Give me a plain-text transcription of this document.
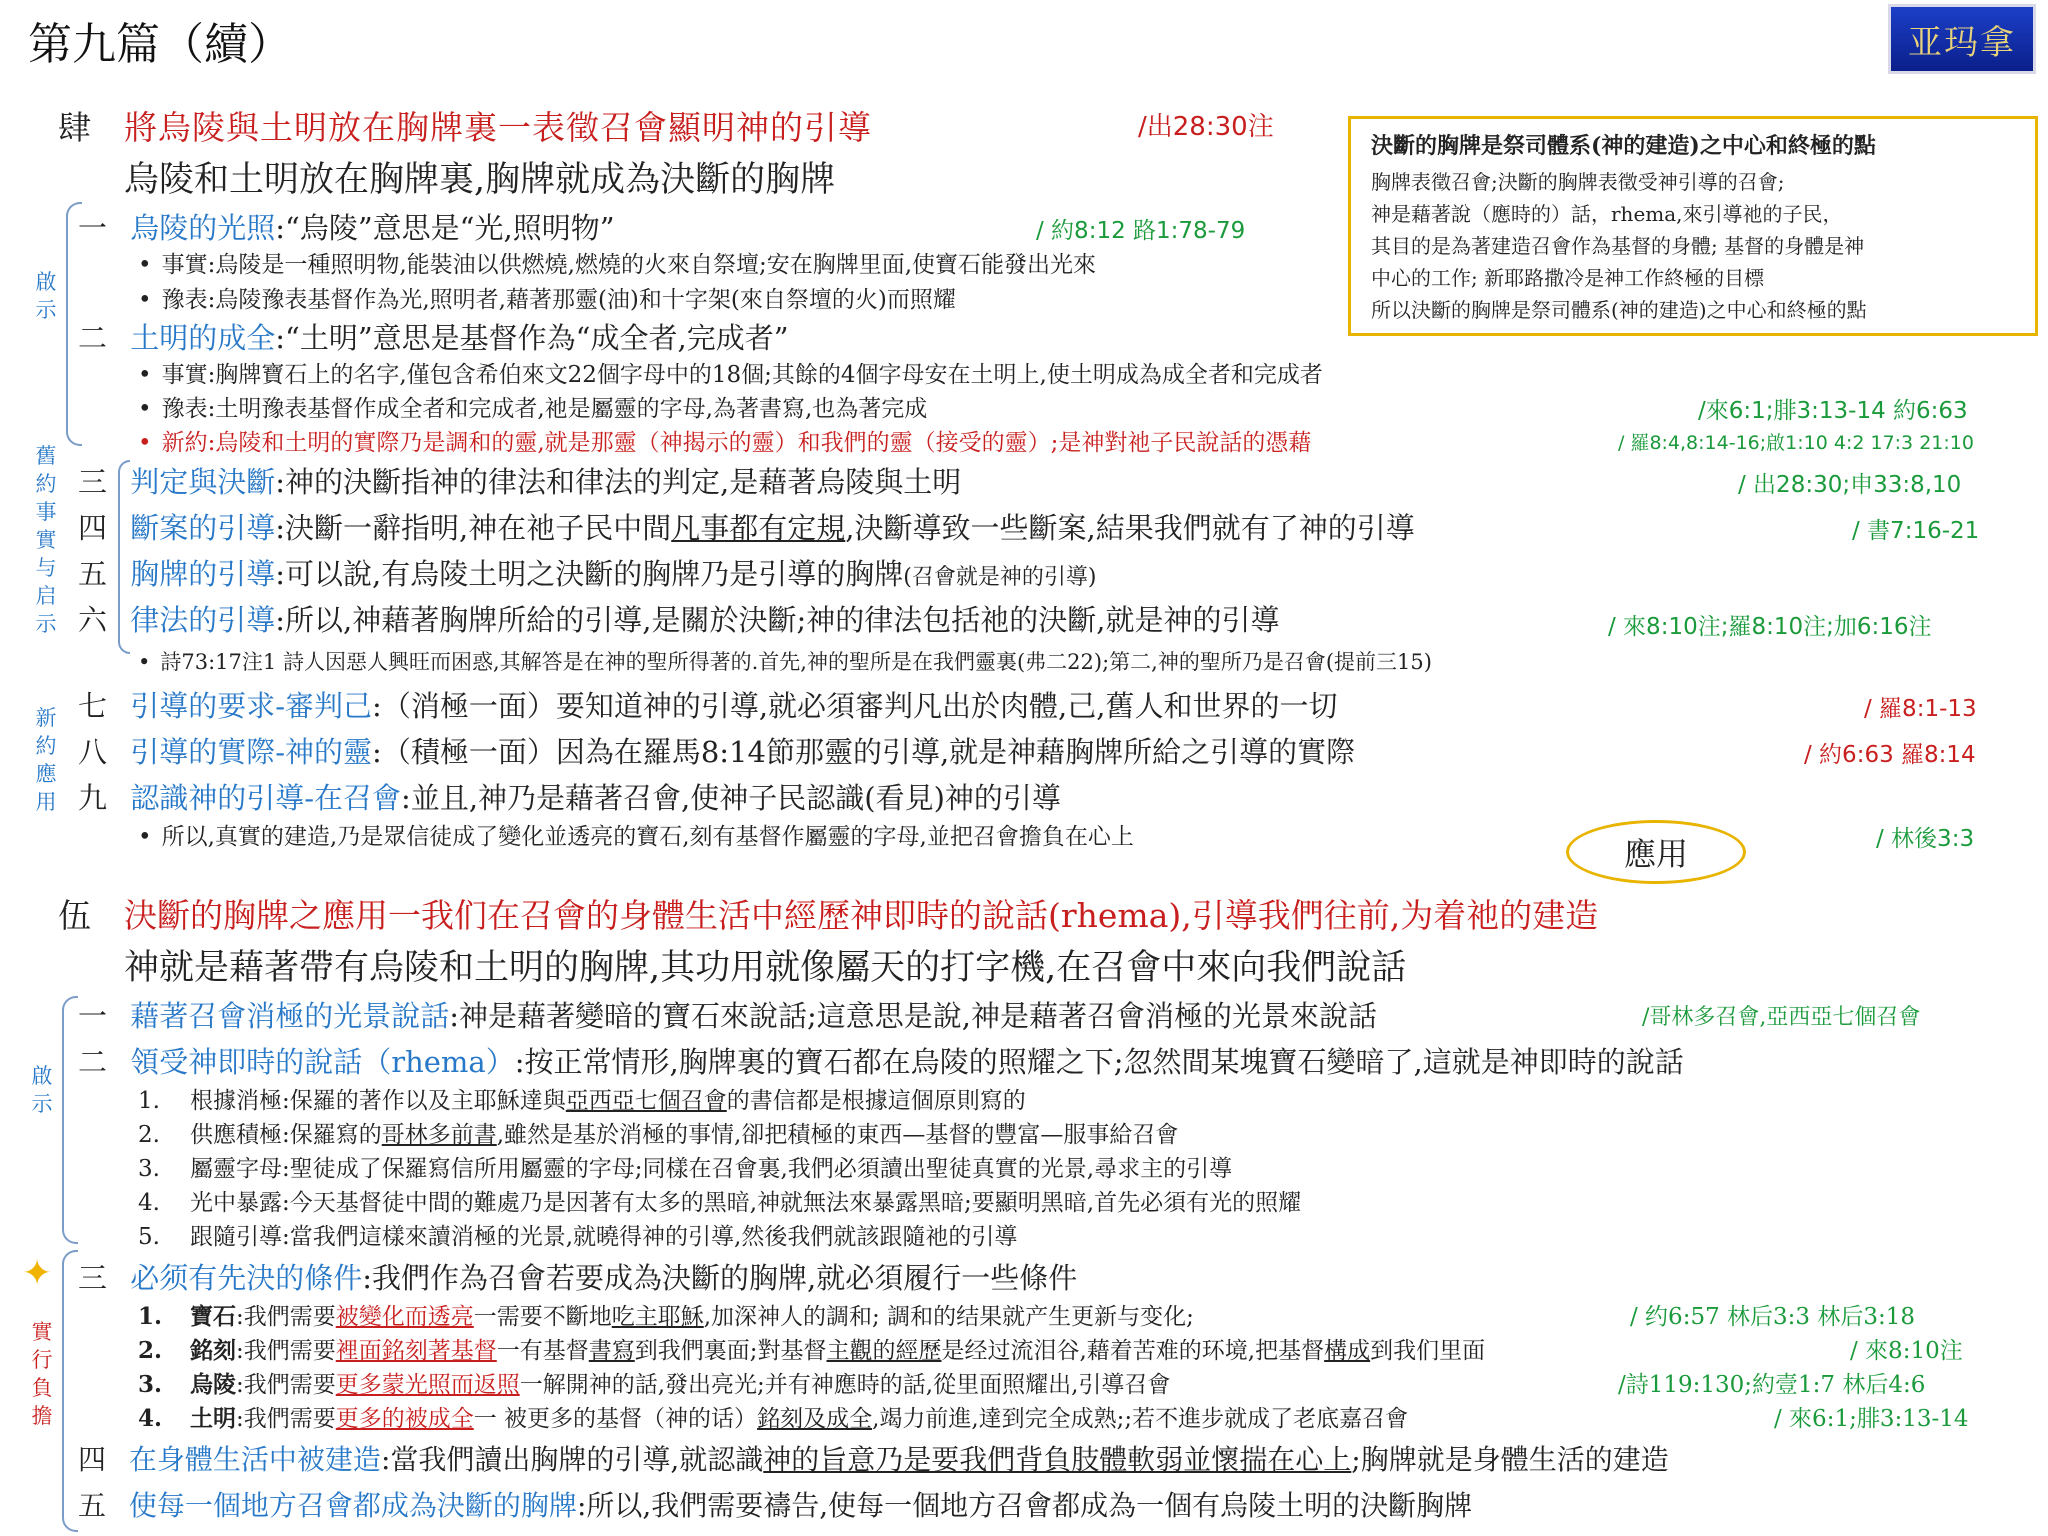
第九篇（續）	亚玛拿
肆 將烏陵與土明放在胸牌裏一表徵召會顯明神的引導	/出28:30注
烏陵和土明放在胸牌裏,胸牌就成為決斷的胸牌
決斷的胸牌是祭司體系(神的建造)之中心和終極的點
胸牌表徵召會;決斷的胸牌表徵受神引導的召會;
神是藉著說（應時的）話，rhema,來引導祂的子民，
其目的是為著建造召會作為基督的身體; 基督的身體是神
中心的工作; 新耶路撒冷是神工作終極的目標
所以決斷的胸牌是祭司體系(神的建造)之中心和終極的點
啟示
舊約事實与启示
新約應用
一 烏陵的光照:“烏陵”意思是“光,照明物”	/ 約8:12 路1:78-79
• 事實:烏陵是一種照明物,能裝油以供燃燒,燃燒的火來自祭壇;安在胸牌里面,使寶石能發出光來
• 豫表:烏陵豫表基督作為光,照明者,藉著那靈(油)和十字架(來自祭壇的火)而照耀
二 土明的成全:“土明”意思是基督作為“成全者,完成者”
• 事實:胸牌寶石上的名字,僅包含希伯來文22個字母中的18個;其餘的4個字母安在土明上,使土明成為成全者和完成者
• 豫表:土明豫表基督作成全者和完成者,祂是屬靈的字母,為著書寫,也為著完成	/來6:1;腓3:13-14 約6:63
• 新約:烏陵和土明的實際乃是調和的靈,就是那靈（神揭示的靈）和我們的靈（接受的靈）;是神對祂子民說話的憑藉	/ 羅8:4,8:14-16;啟1:10 4:2 17:3 21:10
三 判定與決斷:神的決斷指神的律法和律法的判定,是藉著烏陵與土明	/ 出28:30;申33:8,10
四 斷案的引導:決斷一辭指明,神在祂子民中間凡事都有定規,決斷導致一些斷案,結果我們就有了神的引導	/ 書7:16-21
五 胸牌的引導:可以說,有烏陵土明之決斷的胸牌乃是引導的胸牌(召會就是神的引導)
六 律法的引導:所以,神藉著胸牌所給的引導,是關於決斷;神的律法包括祂的決斷,就是神的引導	/ 來8:10注;羅8:10注;加6:16注
• 詩73:17注1 詩人因惡人興旺而困惑,其解答是在神的聖所得著的.首先,神的聖所是在我們靈裏(弗二22);第二,神的聖所乃是召會(提前三15)
七 引導的要求-審判己:（消極一面）要知道神的引導,就必須審判凡出於肉體,己,舊人和世界的一切	/ 羅8:1-13
八 引導的實際-神的靈:（積極一面）因為在羅馬8:14節那靈的引導,就是神藉胸牌所給之引導的實際	/ 約6:63 羅8:14
九 認識神的引導-在召會:並且,神乃是藉著召會,使神子民認識(看見)神的引導
• 所以,真實的建造,乃是眾信徒成了變化並透亮的寶石,刻有基督作屬靈的字母,並把召會擔負在心上	/ 林後3:3
應用
伍 決斷的胸牌之應用一我们在召會的身體生活中經歷神即時的說話(rhema),引導我們往前,为着祂的建造
神就是藉著帶有烏陵和土明的胸牌,其功用就像屬天的打字機,在召會中來向我們說話
啟示
✦
實行負擔
一 藉著召會消極的光景說話:神是藉著變暗的寶石來說話;這意思是說,神是藉著召會消極的光景來說話	/哥林多召會,亞西亞七個召會
二 領受神即時的說話（rhema）:按正常情形,胸牌裏的寶石都在烏陵的照耀之下;忽然間某塊寶石變暗了,這就是神即時的說話
1. 根據消極:保羅的著作以及主耶穌達與亞西亞七個召會的書信都是根據這個原則寫的
2. 供應積極:保羅寫的哥林多前書,雖然是基於消極的事情,卻把積極的東西—基督的豐富—服事給召會
3. 屬靈字母:聖徒成了保羅寫信所用屬靈的字母;同樣在召會裏,我們必須讀出聖徒真實的光景,尋求主的引導
4. 光中暴露:今天基督徒中間的難處乃是因著有太多的黑暗,神就無法來暴露黑暗;要顯明黑暗,首先必須有光的照耀
5. 跟隨引導:當我們這樣來讀消極的光景,就曉得神的引導,然後我們就該跟隨祂的引導
三 必须有先決的條件:我們作為召會若要成為決斷的胸牌,就必須履行一些條件
1. 寶石:我們需要被變化而透亮一需要不斷地吃主耶穌,加深神人的調和; 調和的结果就产生更新与变化;	/ 约6:57 林后3:3 林后3:18
2. 銘刻:我們需要裡面銘刻著基督一有基督書寫到我們裏面;對基督主觀的經歷是经过流泪谷,藉着苦难的环境,把基督構成到我们里面	/ 來8:10注
3. 烏陵:我們需要更多蒙光照而返照一解開神的話,發出亮光;并有神應時的話,從里面照耀出,引導召會	/詩119:130;約壹1:7 林后4:6
4. 土明:我們需要更多的被成全一 被更多的基督（神的话）銘刻及成全,竭力前進,達到完全成熟;;若不進步就成了老底嘉召會	/ 來6:1;腓3:13-14
四 在身體生活中被建造:當我們讀出胸牌的引導,就認識神的旨意乃是要我們背負肢體軟弱並懷揣在心上;胸牌就是身體生活的建造
五 使每一個地方召會都成為決斷的胸牌:所以,我們需要禱告,使每一個地方召會都成為一個有烏陵土明的決斷胸牌
